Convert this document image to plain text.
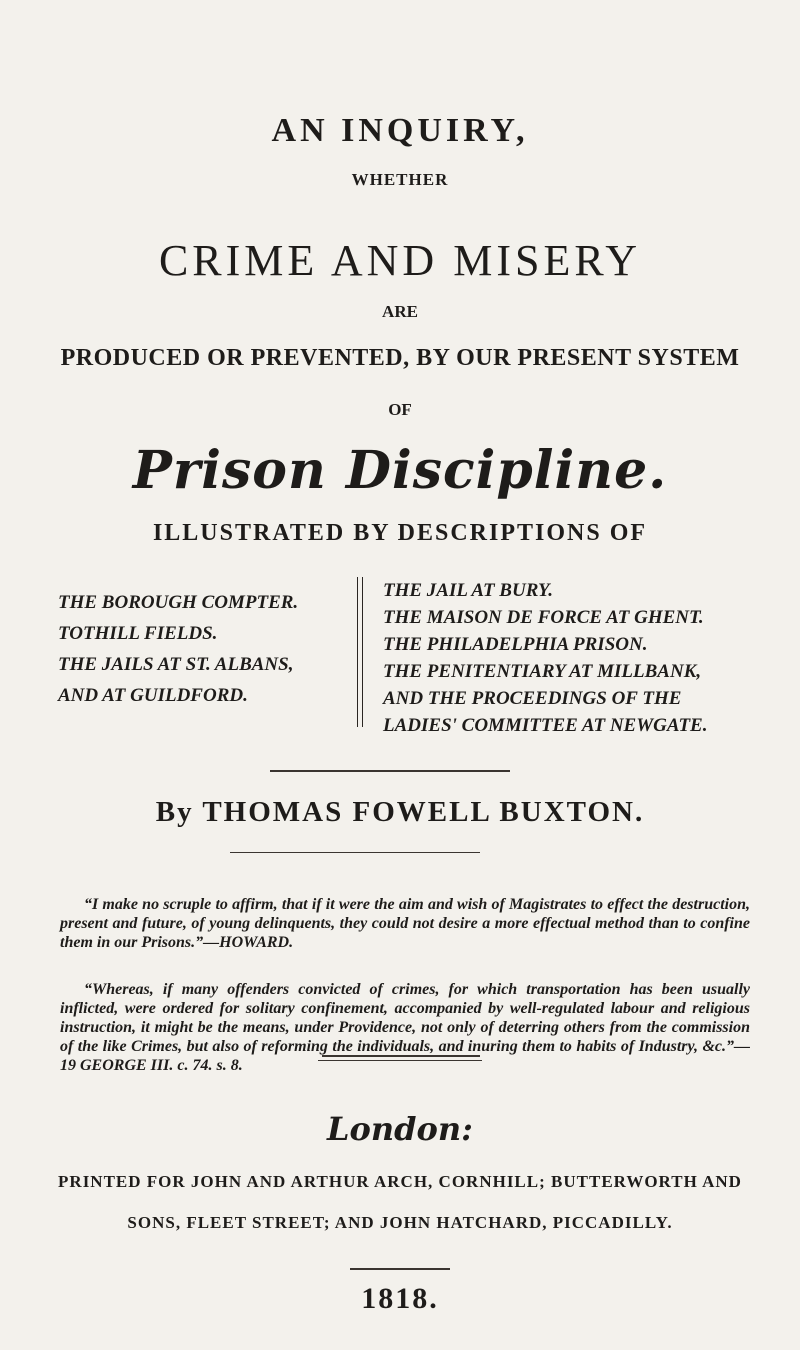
AN INQUIRY,
WHETHER
CRIME AND MISERY
ARE
PRODUCED OR PREVENTED, BY OUR PRESENT SYSTEM
OF
Prison Discipline.
ILLUSTRATED BY DESCRIPTIONS OF
THE BOROUGH COMPTER.
TOTHILL FIELDS.
THE JAILS AT ST. ALBANS,
AND AT GUILDFORD.
THE JAIL AT BURY.
THE MAISON DE FORCE AT GHENT.
THE PHILADELPHIA PRISON.
THE PENITENTIARY AT MILLBANK,
AND THE PROCEEDINGS OF THE
LADIES' COMMITTEE AT NEWGATE.
By THOMAS FOWELL BUXTON.

“I make no scruple to affirm, that if it were the aim and wish of Magistrates to effect the destruction, present and future, of young delinquents, they could not desire a more effectual method than to confine them in our Prisons.”—HOWARD.

“Whereas, if many offenders convicted of crimes, for which transportation has been usually inflicted, were ordered for solitary confinement, accompanied by well-regulated labour and religious instruction, it might be the means, under Providence, not only of deterring others from the commission of the like Crimes, but also of reforming the individuals, and inuring them to habits of Industry, &c.”—19 GEORGE III. c. 74. s. 8.

London:
PRINTED FOR JOHN AND ARTHUR ARCH, CORNHILL; BUTTERWORTH AND
SONS, FLEET STREET; AND JOHN HATCHARD, PICCADILLY.
1818.
